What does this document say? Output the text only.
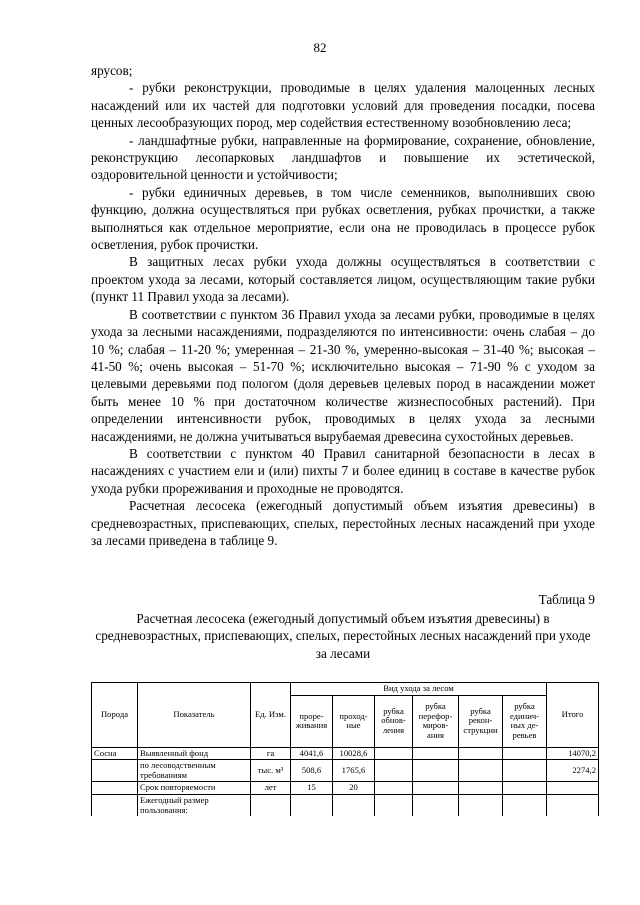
82

ярусов;

- рубки реконструкции, проводимые в целях удаления малоценных лесных насаждений или их частей для подготовки условий для проведения посадки, посева ценных лесообразующих пород, мер содействия естественному возобновлению леса;

- ландшафтные рубки, направленные на формирование, сохранение, обновление, реконструкцию лесопарковых ландшафтов и повышение их эстетической, оздоровительной ценности и устойчивости;

- рубки единичных деревьев, в том числе семенников, выполнивших свою функцию, должна осуществляться при рубках осветления, рубках прочистки, а также выполняться как отдельное мероприятие, если она не проводилась в процессе рубок осветления, рубок прочистки.

В защитных лесах рубки ухода должны осуществляться в соответствии с проектом ухода за лесами, который составляется лицом, осуществляющим такие рубки (пункт 11 Правил ухода за лесами).

В соответствии с пунктом 36 Правил ухода за лесами рубки, проводимые в целях ухода за лесными насаждениями, подразделяются по интенсивности: очень слабая – до 10 %; слабая – 11-20 %; умеренная – 21-30 %, умеренно-высокая – 31-40 %; высокая – 41-50 %; очень высокая – 51-70 %; исключительно высокая – 71-90 % с уходом за целевыми деревьями под пологом (доля деревьев целевых пород в насаждении может быть менее 10 % при достаточном количестве жизнеспособных растений). При определении интенсивности рубок, проводимых в целях ухода за лесными насаждениями, не должна учитываться вырубаемая древесина сухостойных деревьев.

В соответствии с пунктом 40 Правил санитарной безопасности в лесах в насаждениях с участием ели и (или) пихты 7 и более единиц в составе в качестве рубок ухода рубки прореживания и проходные не проводятся.

Расчетная лесосека (ежегодный допустимый объем изъятия древесины) в средневозрастных, приспевающих, спелых, перестойных лесных насаждений при уходе за лесами приведена в таблице 9.

Таблица 9
Расчетная лесосека (ежегодный допустимый объем изъятия древесины) в средневозрастных, приспевающих, спелых, перестойных лесных насаждений при уходе за лесами
Порода	Показатель	Ед. Изм.	Вид ухода за лесом						Итого
			проре-живания	проход-ные	рубка обнов-ления	рубка перефор-миров-ания	рубка рекон-струкции	рубка единич-ных де-ревьев	
Сосна	Выявленный фонд	га	4041,6	10028,6					14070,2
	по лесоводственным требованиям	тыс. м³	508,6	1765,6					2274,2
	Срок повторяемости	лет	15	20					
	Ежегодный размер пользования:								
